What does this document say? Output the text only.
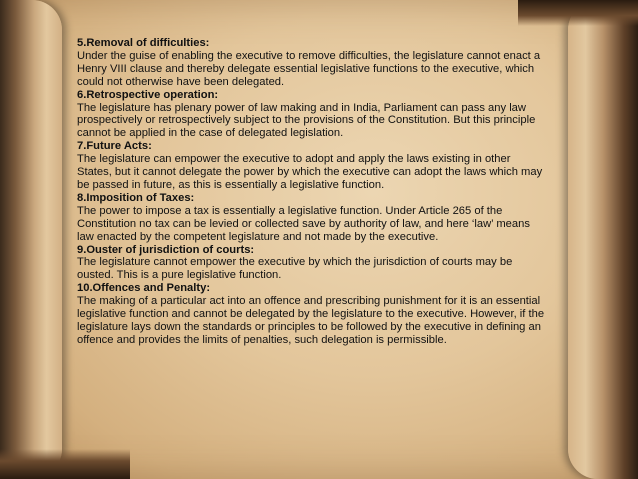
5.Removal of difficulties:

Under the guise of enabling the executive to remove difficulties, the legislature cannot enact a Henry VIII clause and thereby delegate essential legislative functions to the executive, which could not otherwise have been delegated.

6.Retrospective operation:

The legislature has plenary power of law making and in India, Parliament can pass any law prospectively or retrospectively subject to the provisions of the Constitution. But this principle cannot be applied in the case of delegated legislation.

7.Future Acts:

The legislature can empower the executive to adopt and apply the laws existing in other States, but it cannot delegate the power by which the executive can adopt the laws which may be passed in future, as this is essentially a legislative function.

8.Imposition of Taxes:

The power to impose a tax is essentially a legislative function. Under Article 265 of the Constitution no tax can be levied or collected save by authority of law, and here ‘law’ means law enacted by the competent legislature and not made by the executive.

9.Ouster of jurisdiction of courts:

The legislature cannot empower the executive by which the jurisdiction of courts may be ousted. This is a pure legislative function.

10.Offences and Penalty:

The making of a particular act into an offence and prescribing punishment for it is an essential legislative function and cannot be delegated by the legislature to the executive. However, if the legislature lays down the standards or principles to be followed by the executive in defining an offence and provides the limits of penalties, such delegation is permissible.
